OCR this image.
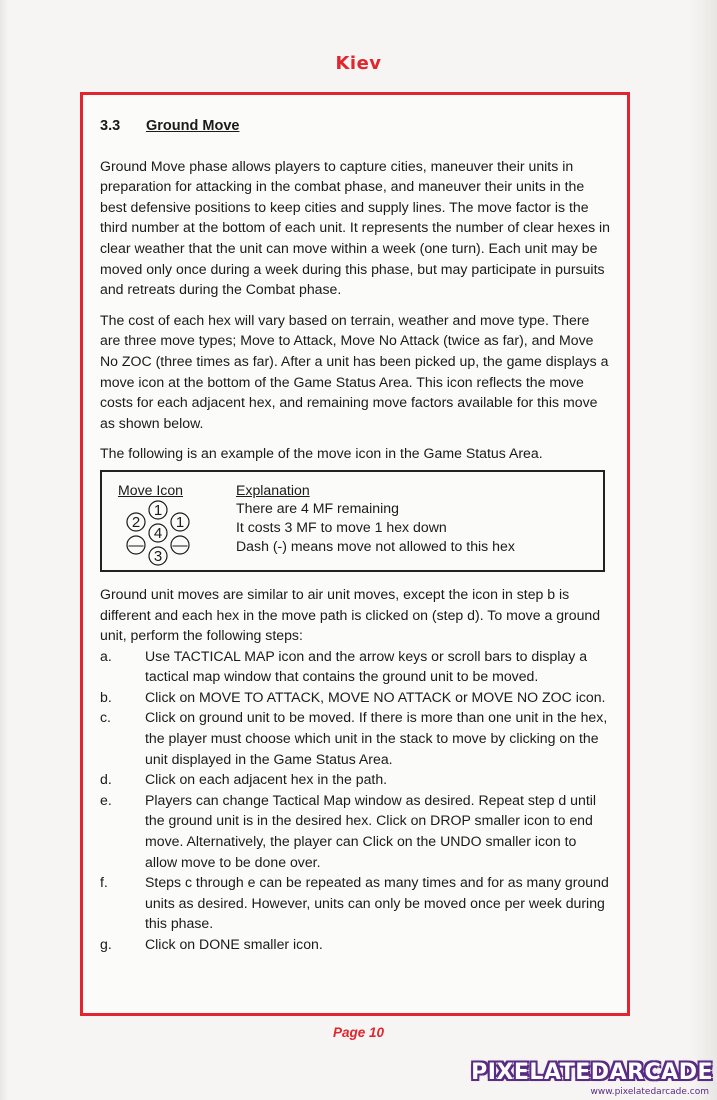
Kiev
3.3 Ground Move

Ground Move phase allows players to capture cities, maneuver their units in preparation for attacking in the combat phase, and maneuver their units in the best defensive positions to keep cities and supply lines. The move factor is the third number at the bottom of each unit. It represents the number of clear hexes in clear weather that the unit can move within a week (one turn). Each unit may be moved only once during a week during this phase, but may participate in pursuits and retreats during the Combat phase.

The cost of each hex will vary based on terrain, weather and move type. There are three move types; Move to Attack, Move No Attack (twice as far), and Move No ZOC (three times as far). After a unit has been picked up, the game displays a move icon at the bottom of the Game Status Area. This icon reflects the move costs for each adjacent hex, and remaining move factors available for this move as shown below.

The following is an example of the move icon in the Game Status Area.

Move Icon	Explanation
1
2
4
1
—
3
—
There are 4 MF remaining
It costs 3 MF to move 1 hex down
Dash (-) means move not allowed to this hex

Ground unit moves are similar to air unit moves, except the icon in step b is different and each hex in the move path is clicked on (step d). To move a ground unit, perform the following steps:

a.	Use TACTICAL MAP icon and the arrow keys or scroll bars to display a tactical map window that contains the ground unit to be moved.
b.	Click on MOVE TO ATTACK, MOVE NO ATTACK or MOVE NO ZOC icon.
c.	Click on ground unit to be moved. If there is more than one unit in the hex, the player must choose which unit in the stack to move by clicking on the unit displayed in the Game Status Area.
d.	Click on each adjacent hex in the path.
e.	Players can change Tactical Map window as desired. Repeat step d until the ground unit is in the desired hex. Click on DROP smaller icon to end move. Alternatively, the player can Click on the UNDO smaller icon to allow move to be done over.
f.	Steps c through e can be repeated as many times and for as many ground units as desired. However, units can only be moved once per week during this phase.
g.	Click on DONE smaller icon.
Page 10
PIXELATEDARCADE
www.pixelatedarcade.com
